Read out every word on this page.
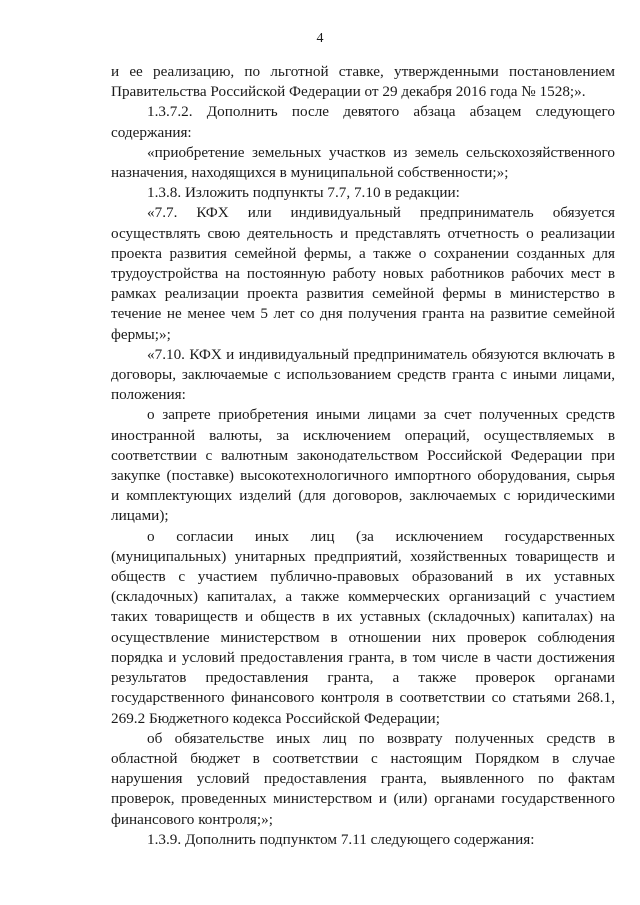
4

и ее реализацию, по льготной ставке, утвержденными постановлением Правительства Российской Федерации от 29 декабря 2016 года № 1528;».

1.3.7.2. Дополнить после девятого абзаца абзацем следующего содержания:

«приобретение земельных участков из земель сельскохозяйственного назначения, находящихся в муниципальной собственности;»;

1.3.8. Изложить подпункты 7.7, 7.10 в редакции:

«7.7. КФХ или индивидуальный предприниматель обязуется осуществлять свою деятельность и представлять отчетность о реализации проекта развития семейной фермы, а также о сохранении созданных для трудоустройства на постоянную работу новых работников рабочих мест в рамках реализации проекта развития семейной фермы в министерство в течение не менее чем 5 лет со дня получения гранта на развитие семейной фермы;»;

«7.10. КФХ и индивидуальный предприниматель обязуются включать в договоры, заключаемые с использованием средств гранта с иными лицами, положения:

о запрете приобретения иными лицами за счет полученных средств иностранной валюты, за исключением операций, осуществляемых в соответствии с валютным законодательством Российской Федерации при закупке (поставке) высокотехнологичного импортного оборудования, сырья и комплектующих изделий (для договоров, заключаемых с юридическими лицами);

о согласии иных лиц (за исключением государственных (муниципальных) унитарных предприятий, хозяйственных товариществ и обществ с участием публично-правовых образований в их уставных (складочных) капиталах, а также коммерческих организаций с участием таких товариществ и обществ в их уставных (складочных) капиталах) на осуществление министерством в отношении них проверок соблюдения порядка и условий предоставления гранта, в том числе в части достижения результатов предоставления гранта, а также проверок органами государственного финансового контроля в соответствии со статьями 268.1, 269.2 Бюджетного кодекса Российской Федерации;

об обязательстве иных лиц по возврату полученных средств в областной бюджет в соответствии с настоящим Порядком в случае нарушения условий предоставления гранта, выявленного по фактам проверок, проведенных министерством и (или) органами государственного финансового контроля;»;

1.3.9. Дополнить подпунктом 7.11 следующего содержания:
